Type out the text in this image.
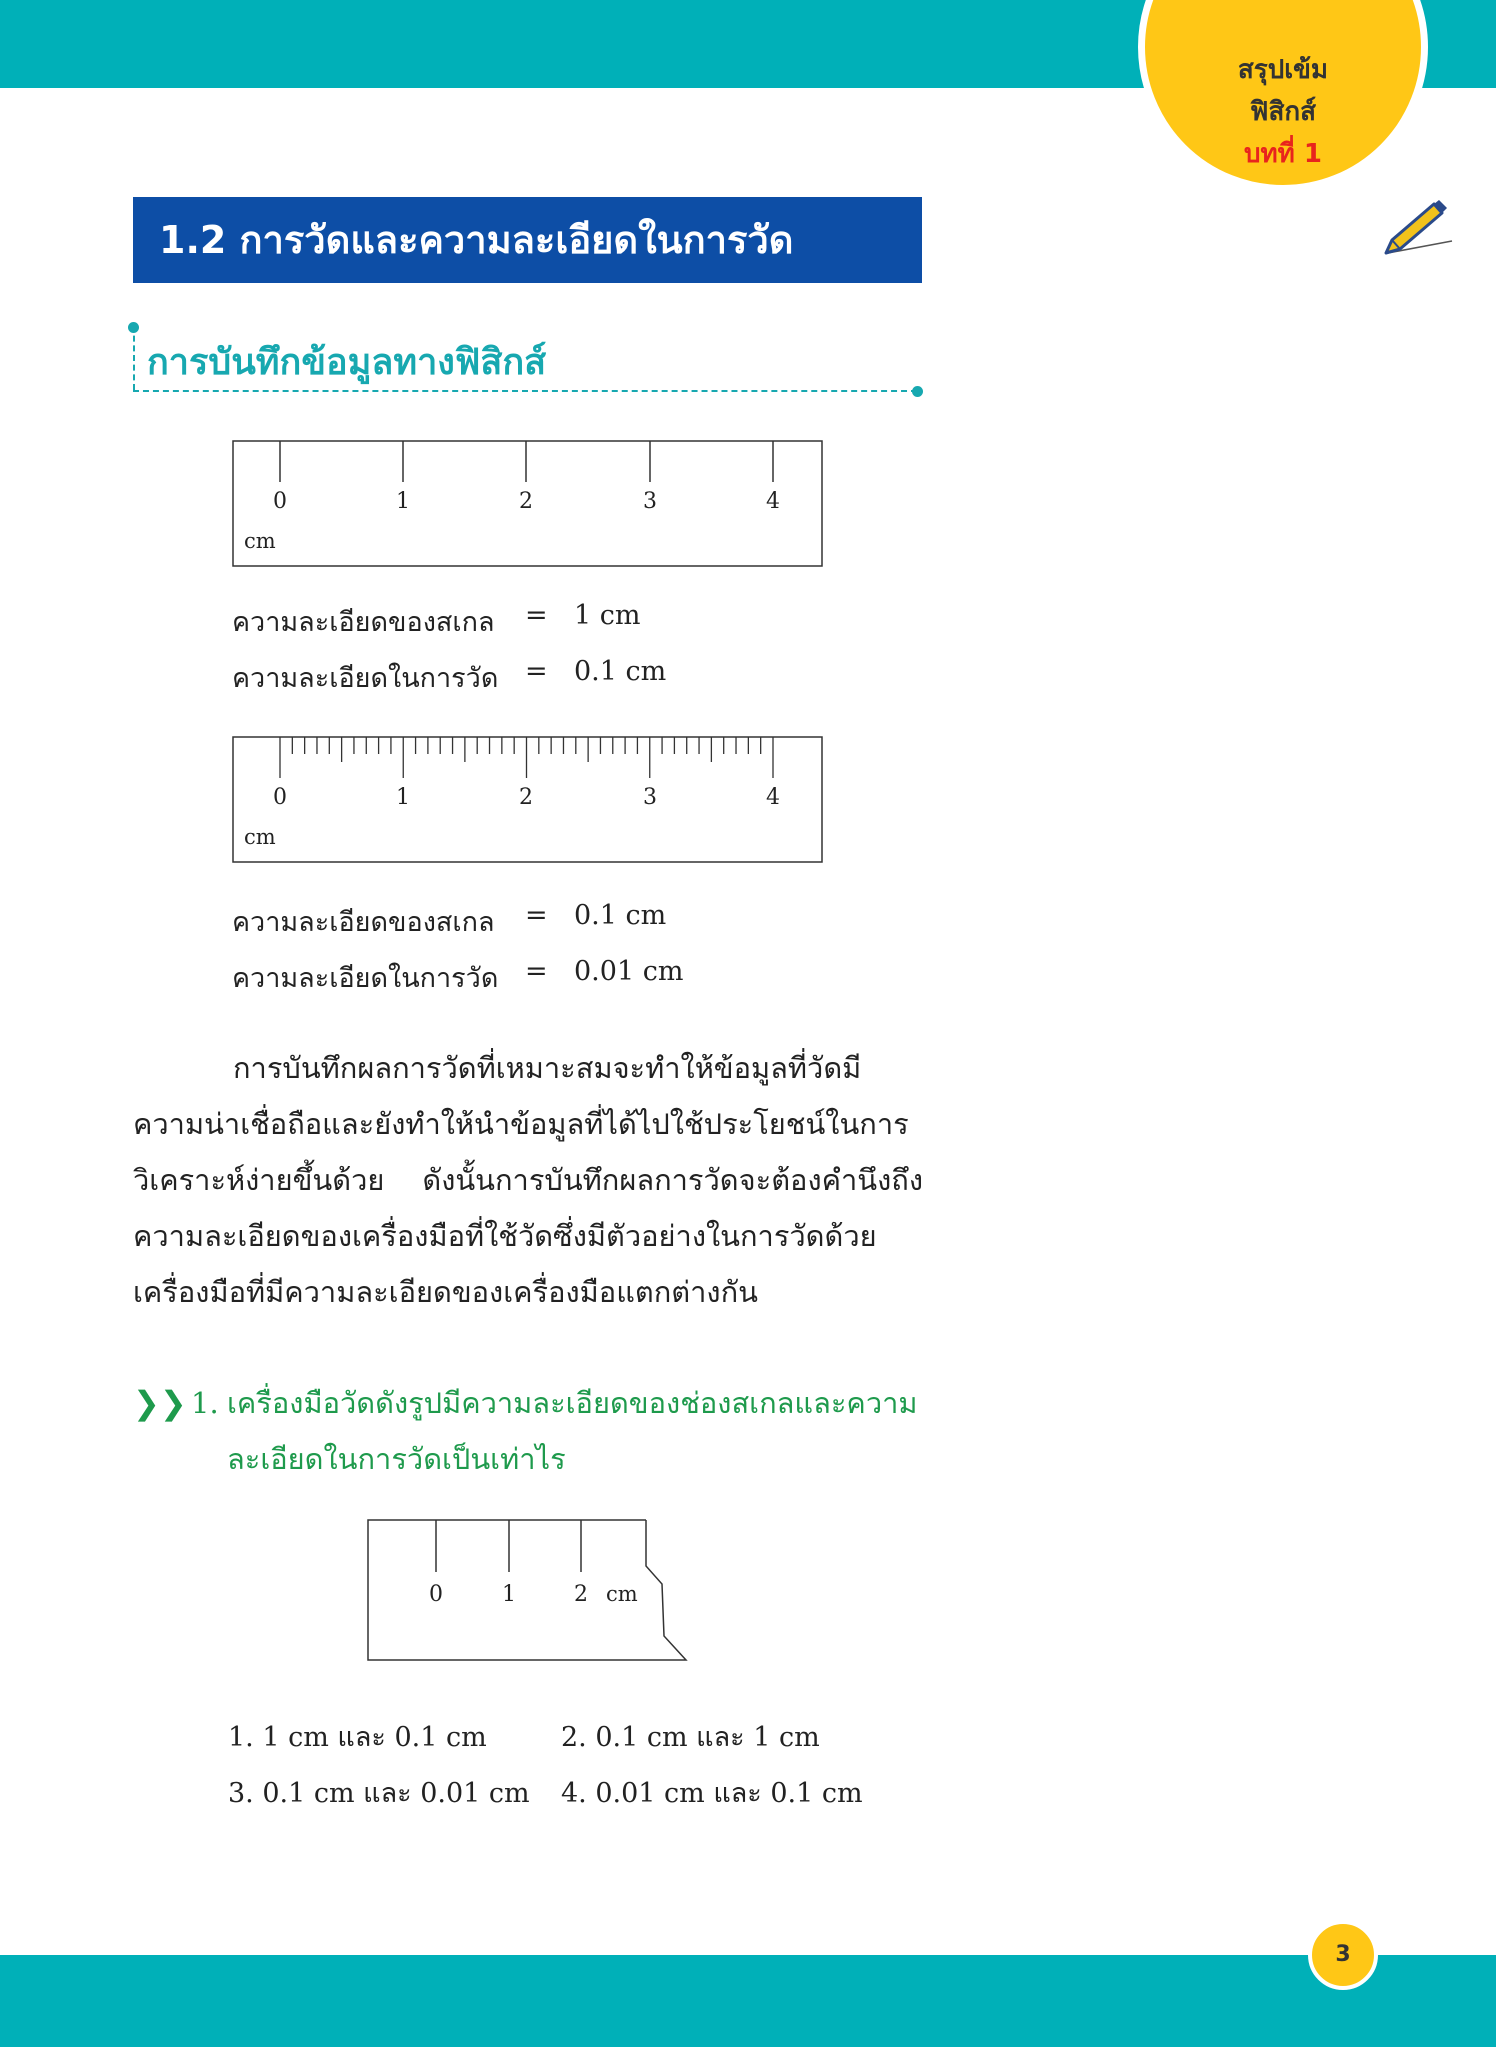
สรุปเข้ม
ฟิสิกส์
บทที่ 1
1.2 การวัดและความละเอียดในการวัด
การบันทึกข้อมูลทางฟิสิกส์
0	1	2	3	4
cm
ความละเอียดของสเกล = 1 cm
ความละเอียดในการวัด = 0.1 cm
0	1	2	3	4
cm
ความละเอียดของสเกล = 0.1 cm
ความละเอียดในการวัด = 0.01 cm

การบันทึกผลการวัดที่เหมาะสมจะทำให้ข้อมูลที่วัดมีความน่าเชื่อถือและยังทำให้นำข้อมูลที่ได้ไปใช้ประโยชน์ในการวิเคราะห์ง่ายขึ้นด้วย ดังนั้นการบันทึกผลการวัดจะต้องคำนึงถึงความละเอียดของเครื่องมือที่ใช้วัดซึ่งมีตัวอย่างในการวัดด้วยเครื่องมือที่มีความละเอียดของเครื่องมือแตกต่างกัน

❯❯ 1. เครื่องมือวัดดังรูปมีความละเอียดของช่องสเกลและความละเอียดในการวัดเป็นเท่าไร
0	1	2 cm
1. 1 cm และ 0.1 cm	2. 0.1 cm และ 1 cm
3. 0.1 cm และ 0.01 cm 4. 0.01 cm และ 0.1 cm
3
